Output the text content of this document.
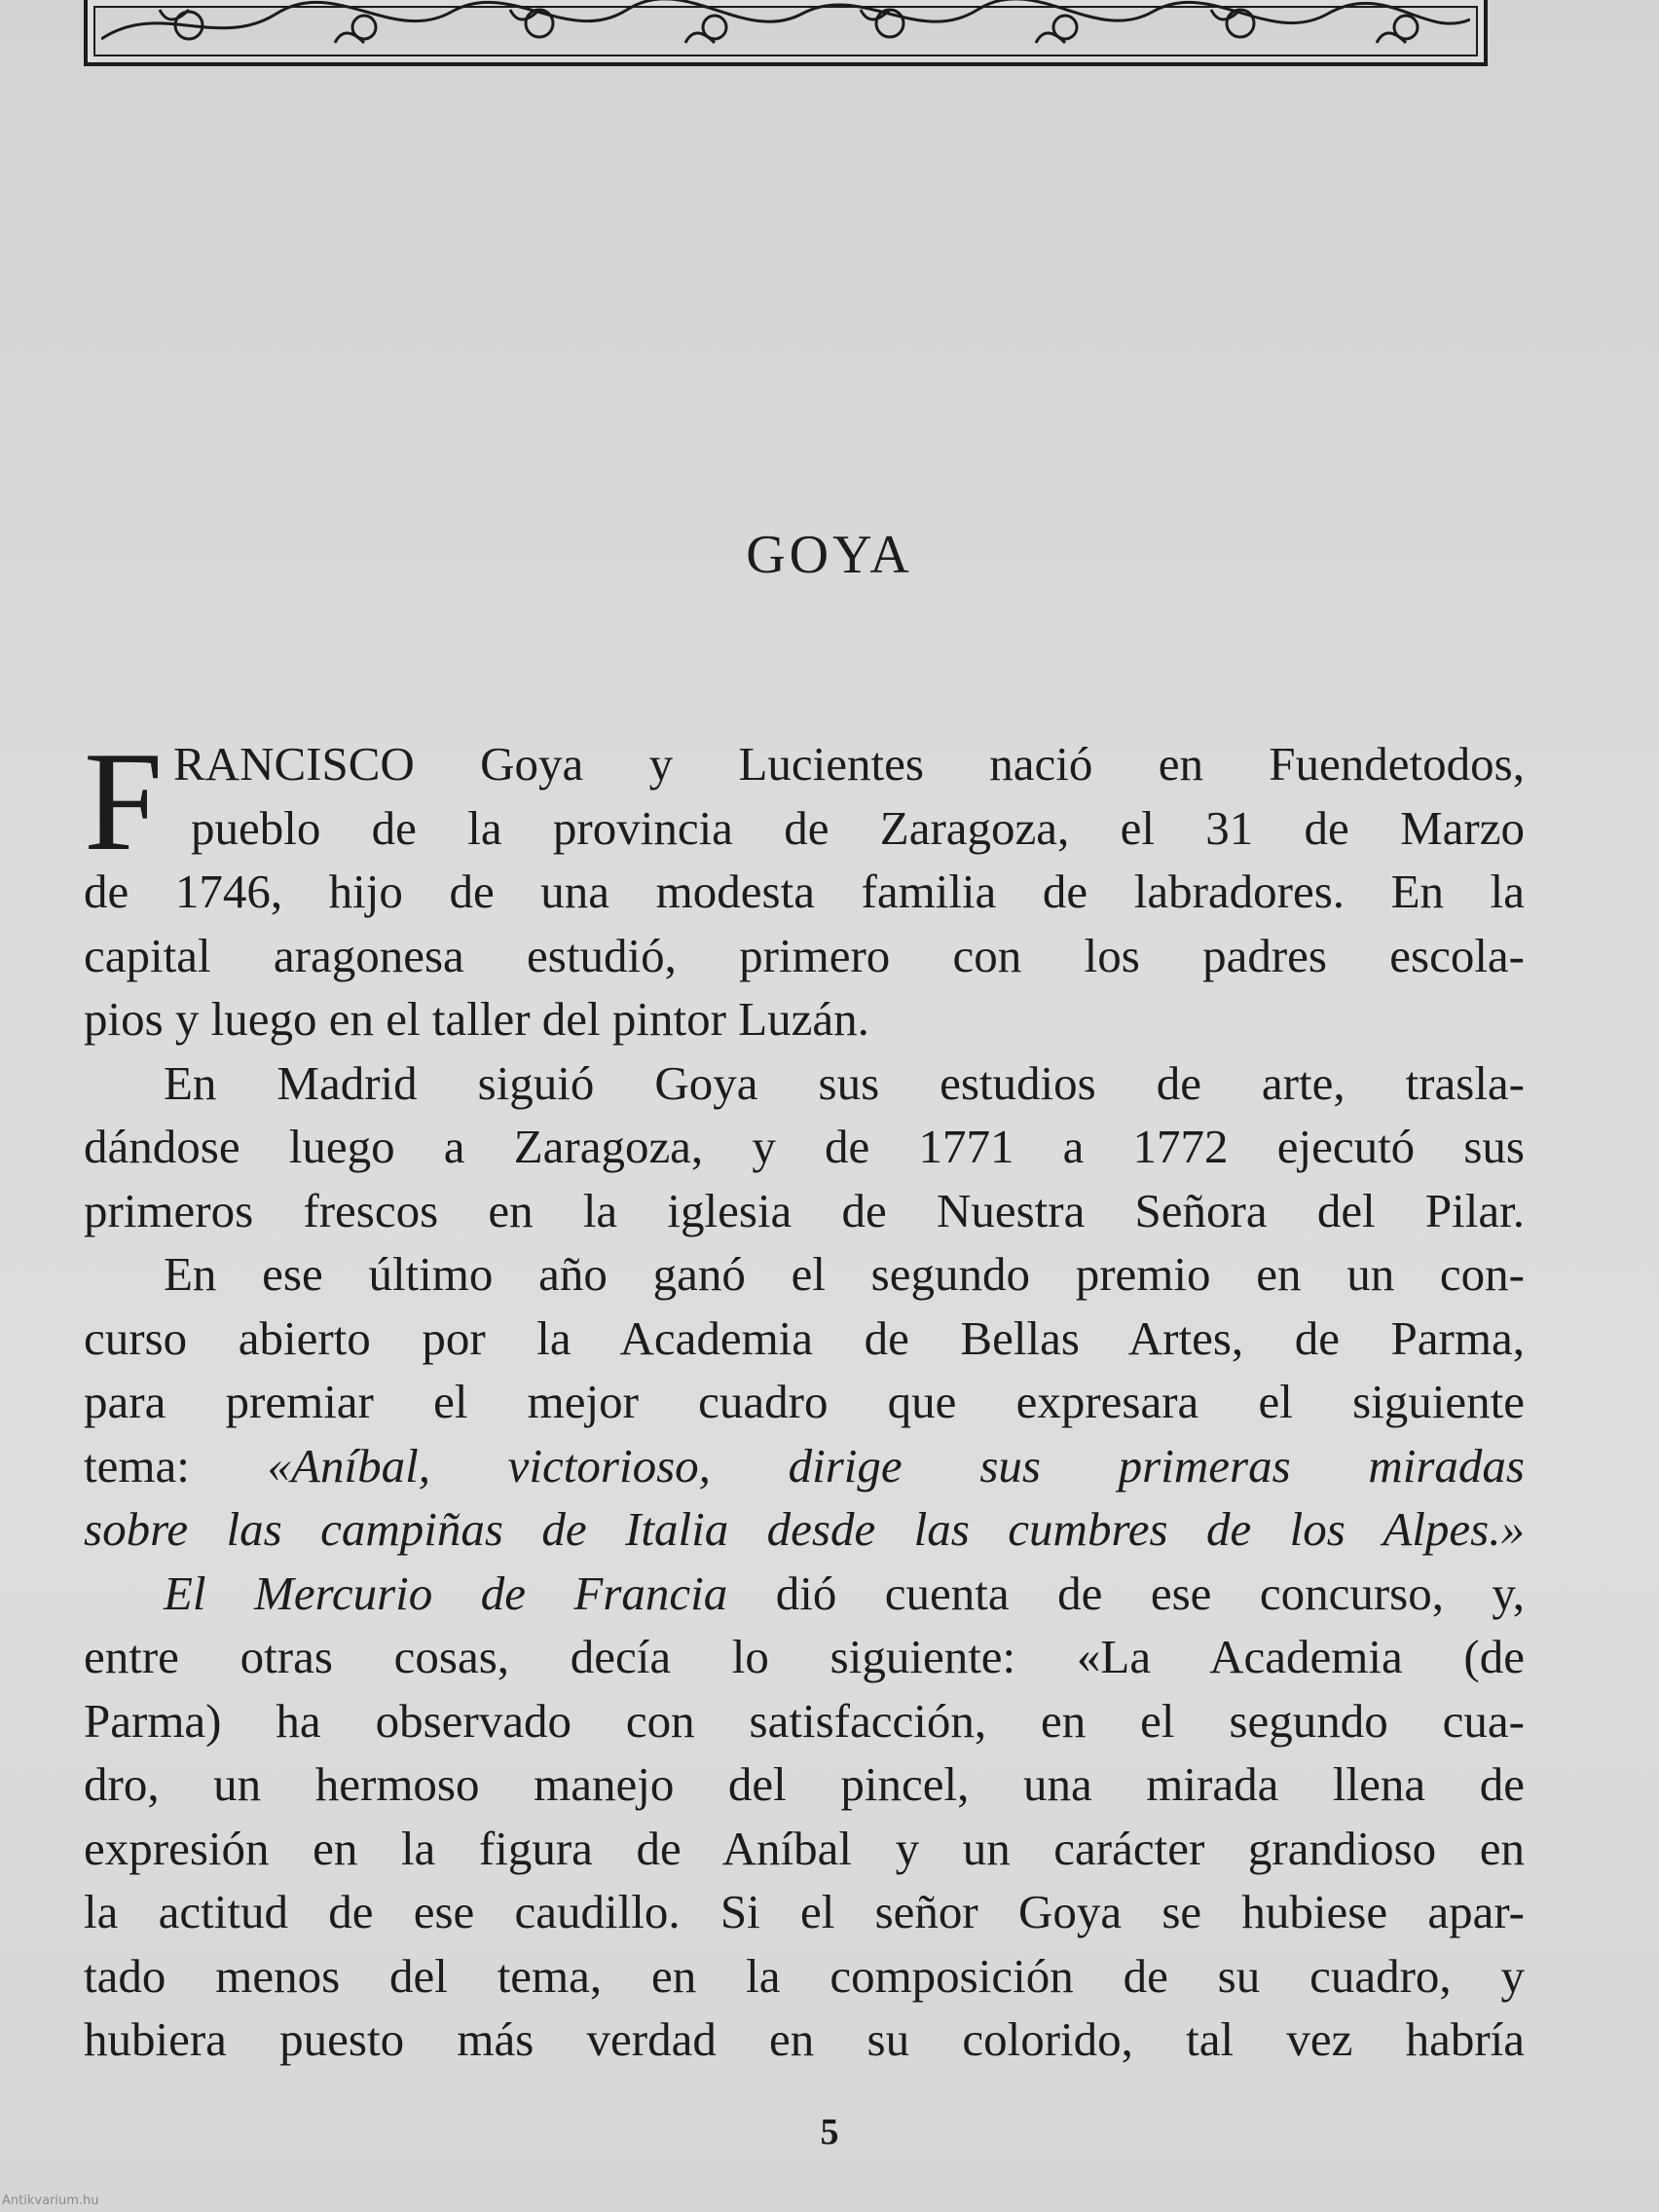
GOYA
F RANCISCO Goya y Lucientes nació en Fuendetodos,
pueblo de la provincia de Zaragoza, el 31 de Marzo
de 1746, hijo de una modesta familia de labradores. En la
capital aragonesa estudió, primero con los padres escola-
pios y luego en el taller del pintor Luzán.
En Madrid siguió Goya sus estudios de arte, trasla-
dándose luego a Zaragoza, y de 1771 a 1772 ejecutó sus
primeros frescos en la iglesia de Nuestra Señora del Pilar.
En ese último año ganó el segundo premio en un con-
curso abierto por la Academia de Bellas Artes, de Parma,
para premiar el mejor cuadro que expresara el siguiente
tema: «Aníbal, victorioso, dirige sus primeras miradas
sobre las campiñas de Italia desde las cumbres de los Alpes.»
El Mercurio de Francia dió cuenta de ese concurso, y,
entre otras cosas, decía lo siguiente: «La Academia (de
Parma) ha observado con satisfacción, en el segundo cua-
dro, un hermoso manejo del pincel, una mirada llena de
expresión en la figura de Aníbal y un carácter grandioso en
la actitud de ese caudillo. Si el señor Goya se hubiese apar-
tado menos del tema, en la composición de su cuadro, y
hubiera puesto más verdad en su colorido, tal vez habría
5
Antikvarium.hu
